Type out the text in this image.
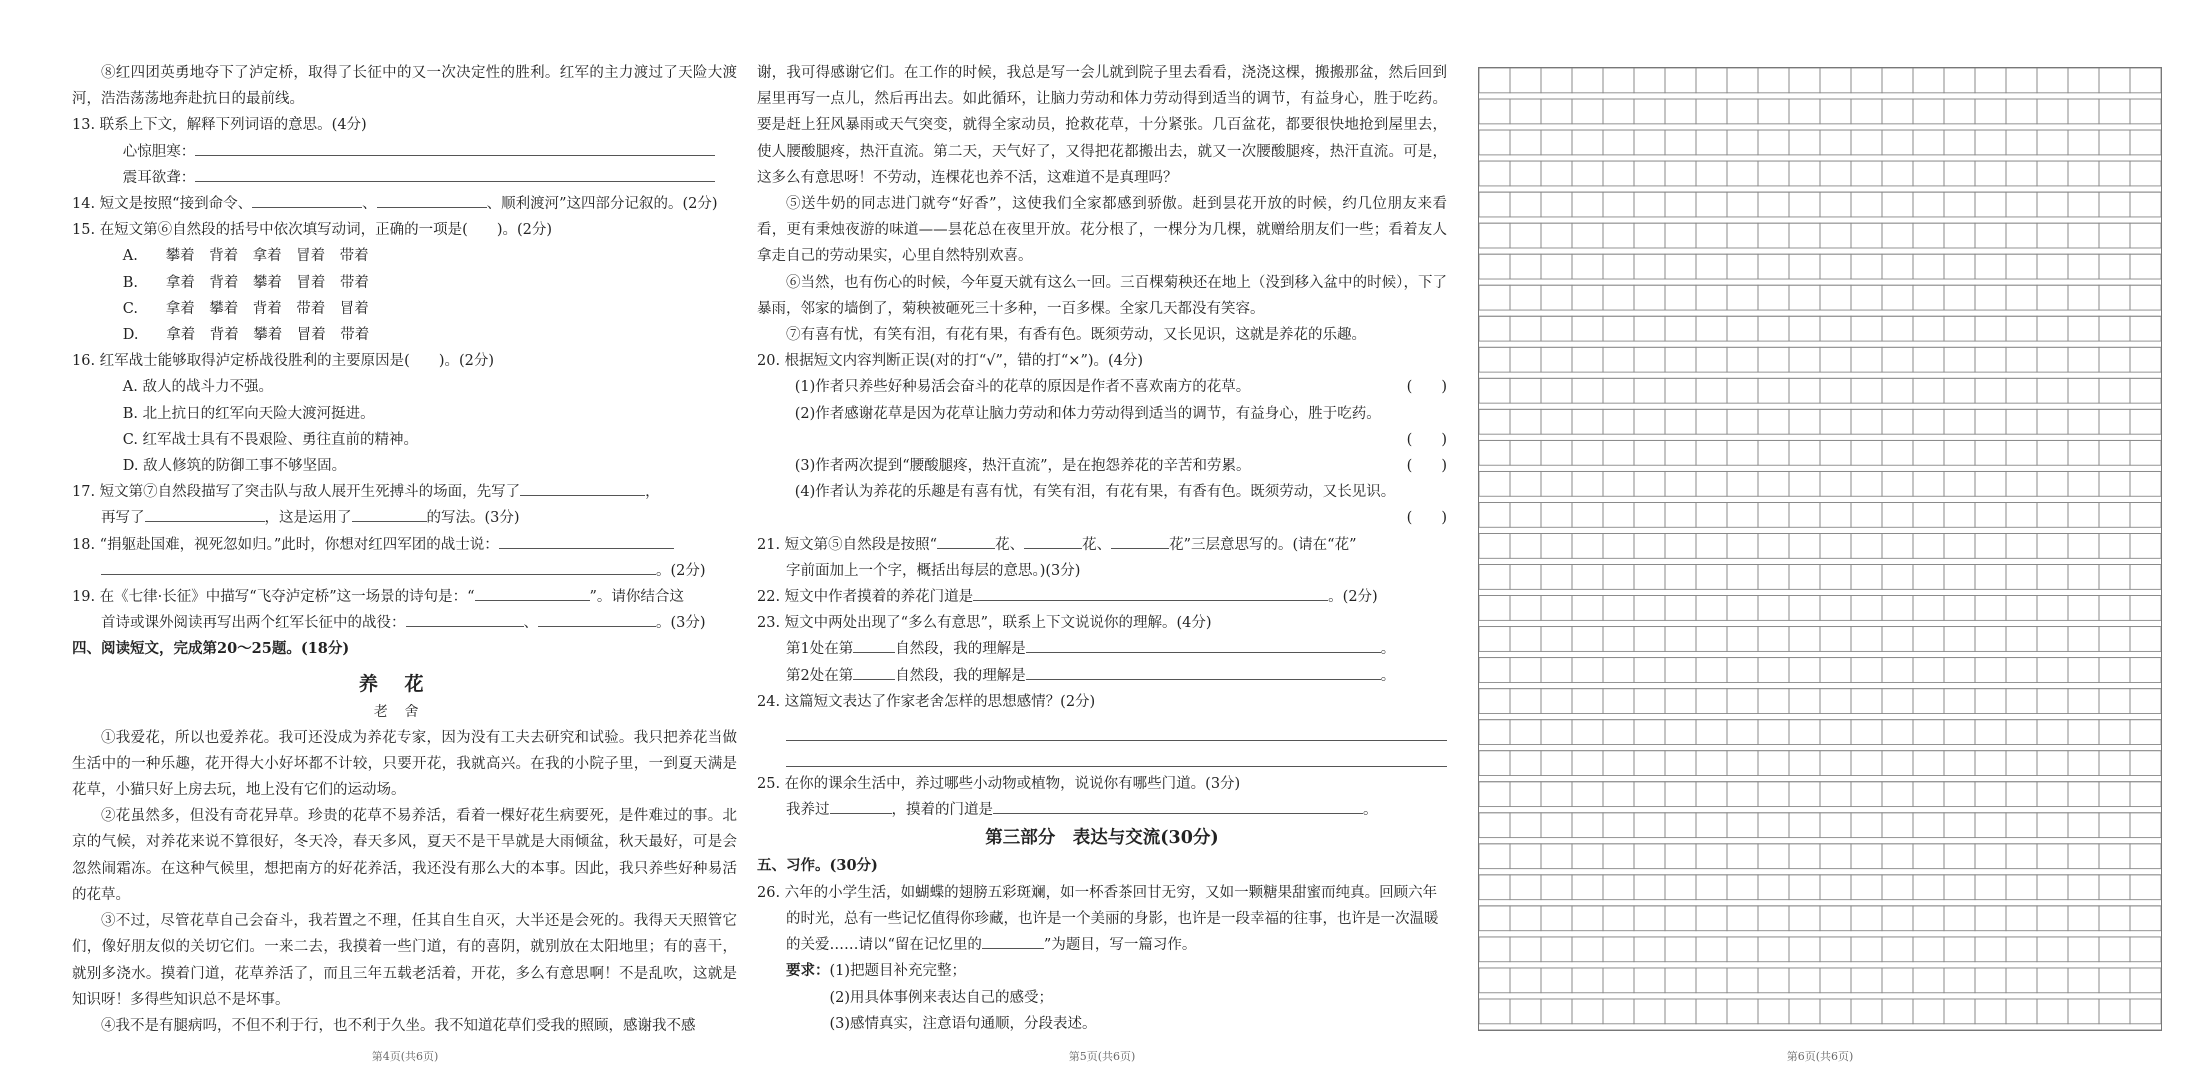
⑧红四团英勇地夺下了泸定桥，取得了长征中的又一次决定性的胜利。红军的主力渡过了天险大渡河，浩浩荡荡地奔赴抗日的最前线。

13. 联系上下文，解释下列词语的意思。(4分)

心惊胆寒：

震耳欲聋：

14. 短文是按照“接到命令、	、	、顺利渡河”这四部分记叙的。(2分)

15. 在短文第⑥自然段的括号中依次填写动词，正确的一项是(　　)。(2分)

A. 攀着　背着　拿着　冒着　带着

B. 拿着　背着　攀着　冒着　带着

C. 拿着　攀着　背着　带着　冒着

D. 拿着　背着　攀着　冒着　带着

16. 红军战士能够取得泸定桥战役胜利的主要原因是(　　)。(2分)

A. 敌人的战斗力不强。

B. 北上抗日的红军向天险大渡河挺进。

C. 红军战士具有不畏艰险、勇往直前的精神。

D. 敌人修筑的防御工事不够坚固。

17. 短文第⑦自然段描写了突击队与敌人展开生死搏斗的场面，先写了	，

再写了	，这是运用了	的写法。(3分)

18. “捐躯赴国难，视死忽如归。”此时，你想对红四军团的战士说：

。(2分)

19. 在《七律·长征》中描写“飞夺泸定桥”这一场景的诗句是：“	”。请你结合这

首诗或课外阅读再写出两个红军长征中的战役：	、	。(3分)

四、阅读短文，完成第20～25题。(18分)

养花

老舍

①我爱花，所以也爱养花。我可还没成为养花专家，因为没有工夫去研究和试验。我只把养花当做生活中的一种乐趣，花开得大小好坏都不计较，只要开花，我就高兴。在我的小院子里，一到夏天满是花草，小猫只好上房去玩，地上没有它们的运动场。

②花虽然多，但没有奇花异草。珍贵的花草不易养活，看着一棵好花生病要死，是件难过的事。北京的气候，对养花来说不算很好，冬天冷，春天多风，夏天不是干旱就是大雨倾盆，秋天最好，可是会忽然闹霜冻。在这种气候里，想把南方的好花养活，我还没有那么大的本事。因此，我只养些好种易活的花草。

③不过，尽管花草自己会奋斗，我若置之不理，任其自生自灭，大半还是会死的。我得天天照管它们，像好朋友似的关切它们。一来二去，我摸着一些门道，有的喜阴，就别放在太阳地里；有的喜干，就别多浇水。摸着门道，花草养活了，而且三年五载老活着，开花，多么有意思啊！不是乱吹，这就是知识呀！多得些知识总不是坏事。

④我不是有腿病吗，不但不利于行，也不利于久坐。我不知道花草们受我的照顾，感谢我不感

谢，我可得感谢它们。在工作的时候，我总是写一会儿就到院子里去看看，浇浇这棵，搬搬那盆，然后回到屋里再写一点儿，然后再出去。如此循环，让脑力劳动和体力劳动得到适当的调节，有益身心，胜于吃药。要是赶上狂风暴雨或天气突变，就得全家动员，抢救花草，十分紧张。几百盆花，都要很快地抢到屋里去，使人腰酸腿疼，热汗直流。第二天，天气好了，又得把花都搬出去，就又一次腰酸腿疼，热汗直流。可是，这多么有意思呀！不劳动，连棵花也养不活，这难道不是真理吗？

⑤送牛奶的同志进门就夸“好香”，这使我们全家都感到骄傲。赶到昙花开放的时候，约几位朋友来看看，更有秉烛夜游的味道——昙花总在夜里开放。花分根了，一棵分为几棵，就赠给朋友们一些；看着友人拿走自己的劳动果实，心里自然特别欢喜。

⑥当然，也有伤心的时候，今年夏天就有这么一回。三百棵菊秧还在地上（没到移入盆中的时候），下了暴雨，邻家的墙倒了，菊秧被砸死三十多种，一百多棵。全家几天都没有笑容。

⑦有喜有忧，有笑有泪，有花有果，有香有色。既须劳动，又长见识，这就是养花的乐趣。

20. 根据短文内容判断正误(对的打“√”，错的打“×”)。(4分)

(1)作者只养些好种易活会奋斗的花草的原因是作者不喜欢南方的花草。	(　　)
(2)作者感谢花草是因为花草让脑力劳动和体力劳动得到适当的调节，有益身心，胜于吃药。
(　　)
(3)作者两次提到“腰酸腿疼，热汗直流”，是在抱怨养花的辛苦和劳累。	(　　)
(4)作者认为养花的乐趣是有喜有忧，有笑有泪，有花有果，有香有色。既须劳动，又长见识。
(　　)

21. 短文第⑤自然段是按照“	花、	花、	花”三层意思写的。(请在“花”

字前面加上一个字，概括出每层的意思。)(3分)

22. 短文中作者摸着的养花门道是	。(2分)

23. 短文中两处出现了“多么有意思”，联系上下文说说你的理解。(4分)

第1处在第	自然段，我的理解是	。

第2处在第	自然段，我的理解是	。

24. 这篇短文表达了作家老舍怎样的思想感情？(2分)

25. 在你的课余生活中，养过哪些小动物或植物，说说你有哪些门道。(3分)

我养过	，摸着的门道是	。

第三部分　表达与交流(30分)

五、习作。(30分)

26. 六年的小学生活，如蝴蝶的翅膀五彩斑斓，如一杯香茶回甘无穷，又如一颗糖果甜蜜而纯真。回顾六年的时光，总有一些记忆值得你珍藏，也许是一个美丽的身影，也许是一段幸福的往事，也许是一次温暖的关爱……请以“留在记忆里的	”为题目，写一篇习作。

要求：(1)把题目补充完整；

(2)用具体事例来表达自己的感受；

(3)感情真实，注意语句通顺，分段表述。

第4页(共6页)	第5页(共6页)	第6页(共6页)
